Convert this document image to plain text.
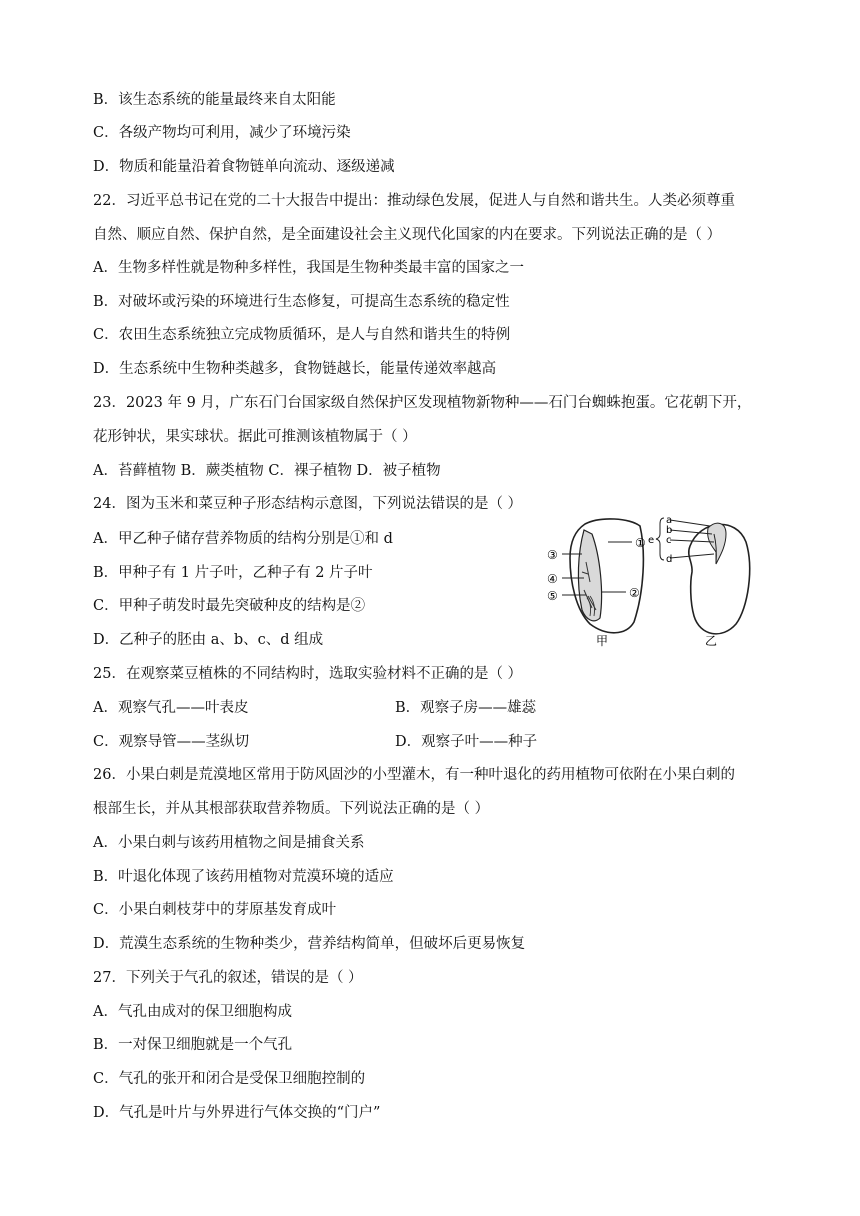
B．该生态系统的能量最终来自太阳能
C．各级产物均可利用，减少了环境污染
D．物质和能量沿着食物链单向流动、逐级递减
22．习近平总书记在党的二十大报告中提出：推动绿色发展，促进人与自然和谐共生。人类必须尊重
自然、顺应自然、保护自然，是全面建设社会主义现代化国家的内在要求。下列说法正确的是（ ）
A．生物多样性就是物种多样性，我国是生物种类最丰富的国家之一
B．对破坏或污染的环境进行生态修复，可提高生态系统的稳定性
C．农田生态系统独立完成物质循环，是人与自然和谐共生的特例
D．生态系统中生物种类越多，食物链越长，能量传递效率越高
23．2023 年 9 月，广东石门台国家级自然保护区发现植物新物种——石门台蜘蛛抱蛋。它花朝下开，
花形钟状，果实球状。据此可推测该植物属于（ ）
A．苔藓植物 B．蕨类植物 C．裸子植物 D．被子植物
24．图为玉米和菜豆种子形态结构示意图，下列说法错误的是（ ）
A．甲乙种子储存营养物质的结构分别是①和 d
B．甲种子有 1 片子叶，乙种子有 2 片子叶
C．甲种子萌发时最先突破种皮的结构是②
D．乙种子的胚由 a、b、c、d 组成
①
②
③
④
⑤
甲
a
b
c
d
e
乙
25．在观察菜豆植株的不同结构时，选取实验材料不正确的是（ ）
A．观察气孔——叶表皮	B．观察子房——雄蕊
C．观察导管——茎纵切	D．观察子叶——种子
26．小果白刺是荒漠地区常用于防风固沙的小型灌木，有一种叶退化的药用植物可依附在小果白刺的
根部生长，并从其根部获取营养物质。下列说法正确的是（ ）
A．小果白刺与该药用植物之间是捕食关系
B．叶退化体现了该药用植物对荒漠环境的适应
C．小果白刺枝芽中的芽原基发育成叶
D．荒漠生态系统的生物种类少，营养结构简单，但破坏后更易恢复
27．下列关于气孔的叙述，错误的是（ ）
A．气孔由成对的保卫细胞构成
B．一对保卫细胞就是一个气孔
C．气孔的张开和闭合是受保卫细胞控制的
D．气孔是叶片与外界进行气体交换的“门户”
